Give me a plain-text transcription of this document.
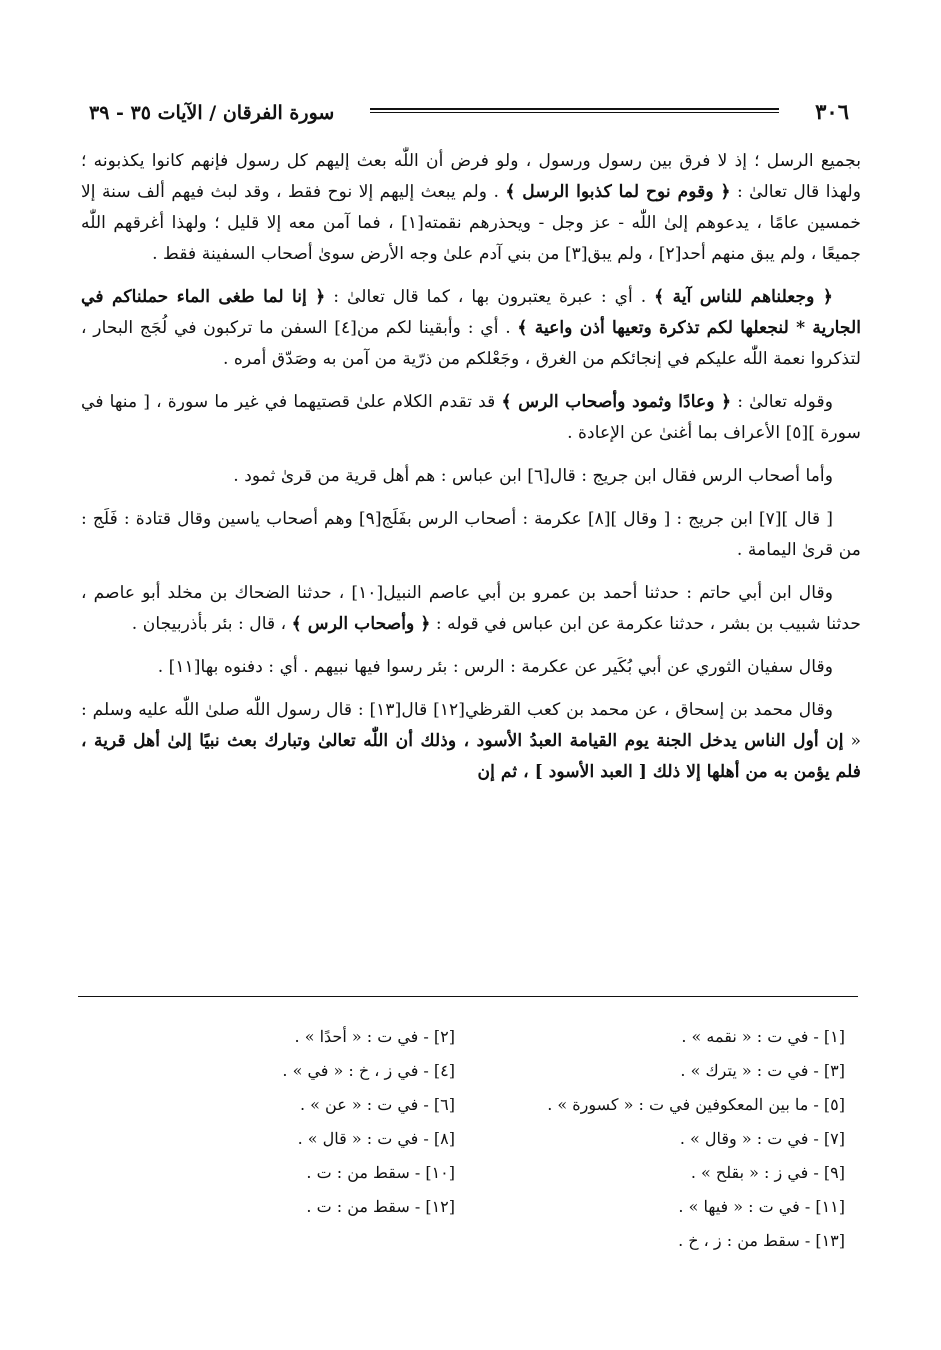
٣٠٦
سورة الفرقان / الآيات ٣٥ - ٣٩

بجميع الرسل ؛ إذ لا فرق بين رسول ورسول ، ولو فرض أن اللّٰه بعث إليهم كل رسول فإنهم كانوا يكذبونه ؛ ولهذا قال تعالىٰ : ﴿ وقوم نوح لما كذبوا الرسل ﴾ . ولم يبعث إليهم إلا نوح فقط ، وقد لبث فيهم ألف سنة إلا خمسين عامًا ، يدعوهم إلىٰ اللّٰه - عز وجل - ويحذرهم نقمته[١] ، فما آمن معه إلا قليل ؛ ولهذا أغرقهم اللّٰه جميعًا ، ولم يبق منهم أحد[٢] ، ولم يبق[٣] من بني آدم علىٰ وجه الأرض سوىٰ أصحاب السفينة فقط .

﴿ وجعلناهم للناس آية ﴾ . أي : عبرة يعتبرون بها ، كما قال تعالىٰ : ﴿ إنا لما طغى الماء حملناكم في الجارية * لنجعلها لكم تذكرة وتعيها أذن واعية ﴾ . أي : وأبقينا لكم من[٤] السفن ما تركبون في لُجَج البحار ، لتذكروا نعمة اللّٰه عليكم في إنجائكم من الغرق ، وجَعْلكم من ذرّية من آمن به وصَدّق أمره .

وقوله تعالىٰ : ﴿ وعادًا وثمود وأصحاب الرس ﴾ قد تقدم الكلام علىٰ قصتيهما في غير ما سورة ، [ منها في سورة ][٥] الأعراف بما أغنىٰ عن الإعادة .

وأما أصحاب الرس فقال ابن جريج : قال[٦] ابن عباس : هم أهل قرية من قرىٰ ثمود .

[ قال ][٧] ابن جريج : [ وقال ][٨] عكرمة : أصحاب الرس بفَلَج[٩] وهم أصحاب ياسين وقال قتادة : فَلَج : من قرىٰ اليمامة .

وقال ابن أبي حاتم : حدثنا أحمد بن عمرو بن أبي عاصم النبيل[١٠] ، حدثنا الضحاك بن مخلد أبو عاصم ، حدثنا شبيب بن بشر ، حدثنا عكرمة عن ابن عباس في قوله : ﴿ وأصحاب الرس ﴾ ، قال : بئر بأذربيجان .

وقال سفيان الثوري عن أبي بُكَير عن عكرمة : الرس : بئر رسوا فيها نبيهم . أي : دفنوه بها[١١] .

وقال محمد بن إسحاق ، عن محمد بن كعب القرظي[١٢] قال[١٣] : قال رسول اللّٰه صلىٰ اللّٰه عليه وسلم : « إن أول الناس يدخل الجنة يوم القيامة العبدُ الأسود ، وذلك أن اللّٰه تعالىٰ وتبارك بعث نبيًا إلىٰ أهل قرية ، فلم يؤمن به من أهلها إلا ذلك [ العبد الأسود ] ، ثم إن

[١] - في ت : « نقمه » .
[٢] - في ت : « أحدًا » .
[٣] - في ت : « يترك » .
[٤] - في ز ، خ : « في » .
[٥] - ما بين المعكوفين في ت : « كسورة » .
[٦] - في ت : « عن » .
[٧] - في ت : « وقال » .
[٨] - في ت : « قال » .
[٩] - في ز : « بقلح » .
[١٠] - سقط من : ت .
[١١] - في ت : « فيها » .
[١٢] - سقط من : ت .
[١٣] - سقط من : ز ، خ .
